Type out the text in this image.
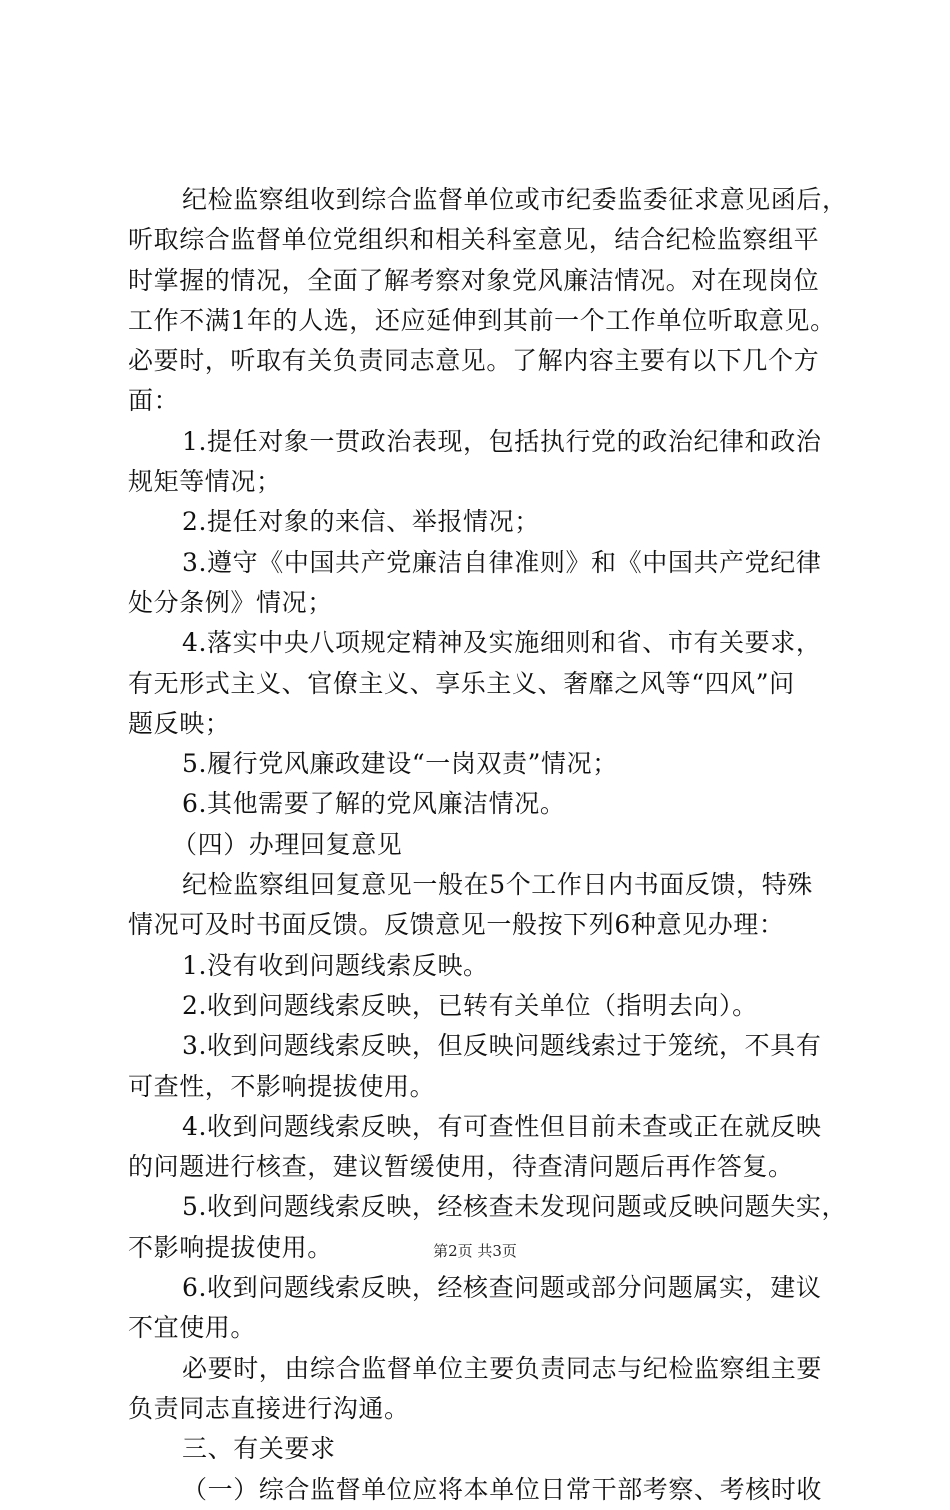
纪检监察组收到综合监督单位或市纪委监委征求意见函后，
听取综合监督单位党组织和相关科室意见，结合纪检监察组平
时掌握的情况，全面了解考察对象党风廉洁情况。对在现岗位
工作不满1年的人选，还应延伸到其前一个工作单位听取意见。
必要时，听取有关负责同志意见。了解内容主要有以下几个方
面：
1.提任对象一贯政治表现，包括执行党的政治纪律和政治
规矩等情况；
2.提任对象的来信、举报情况；
3.遵守《中国共产党廉洁自律准则》和《中国共产党纪律
处分条例》情况；
4.落实中央八项规定精神及实施细则和省、市有关要求，
有无形式主义、官僚主义、享乐主义、奢靡之风等“四风”问
题反映；
5.履行党风廉政建设“一岗双责”情况；
6.其他需要了解的党风廉洁情况。
（四）办理回复意见
纪检监察组回复意见一般在5个工作日内书面反馈，特殊
情况可及时书面反馈。反馈意见一般按下列6种意见办理：
1.没有收到问题线索反映。
2.收到问题线索反映，已转有关单位（指明去向）。
3.收到问题线索反映，但反映问题线索过于笼统，不具有
可查性，不影响提拔使用。
4.收到问题线索反映，有可查性但目前未查或正在就反映
的问题进行核查，建议暂缓使用，待查清问题后再作答复。
5.收到问题线索反映，经核查未发现问题或反映问题失实，
不影响提拔使用。
6.收到问题线索反映，经核查问题或部分问题属实，建议
不宜使用。
必要时，由综合监督单位主要负责同志与纪检监察组主要
负责同志直接进行沟通。
三、有关要求
（一）综合监督单位应将本单位日常干部考察、考核时收
第2页 共3页
